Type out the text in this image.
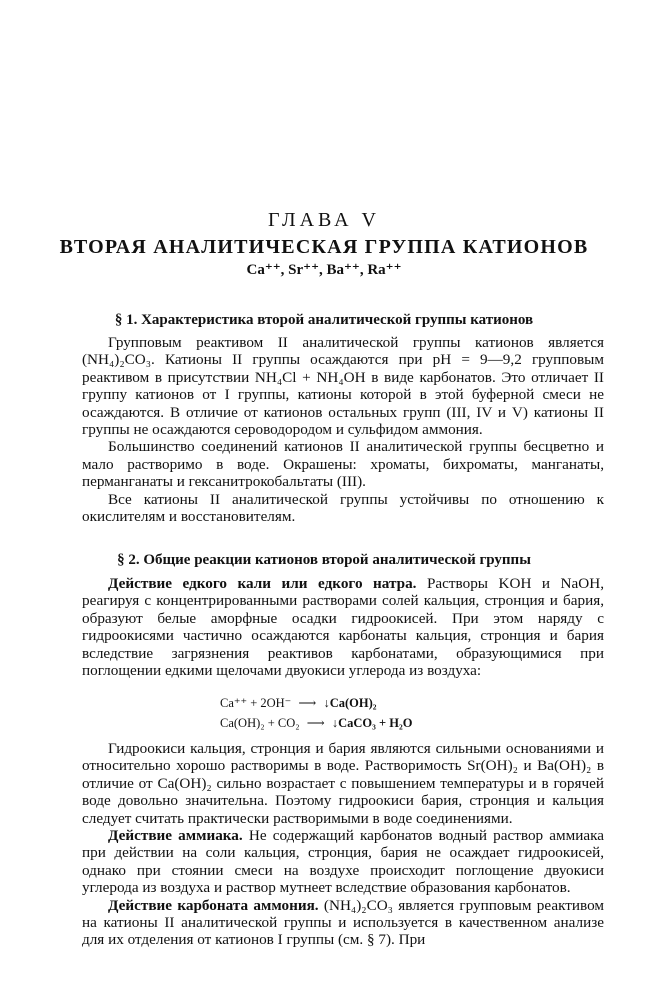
ГЛАВА V
ВТОРАЯ АНАЛИТИЧЕСКАЯ ГРУППА КАТИОНОВ
Ca⁺⁺, Sr⁺⁺, Ba⁺⁺, Ra⁺⁺
§ 1. Характеристика второй аналитической группы катионов

Групповым реактивом II аналитической группы катионов является (NH₄)₂CO₃. Катионы II группы осаждаются при pH = 9—9,2 групповым реактивом в присутствии NH₄Cl + NH₄OH в виде карбонатов. Это отличает II группу катионов от I группы, катионы которой в этой буферной смеси не осаждаются. В отличие от катионов остальных групп (III, IV и V) катионы II группы не осаждаются сероводородом и сульфидом аммония.

Большинство соединений катионов II аналитической группы бесцветно и мало растворимо в воде. Окрашены: хроматы, бихроматы, манганаты, перманганаты и гексанитрокобальтаты (III).

Все катионы II аналитической группы устойчивы по отношению к окислителям и восстановителям.

§ 2. Общие реакции катионов второй аналитической группы

Действие едкого кали или едкого натра. Растворы KOH и NaOH, реагируя с концентрированными растворами солей кальция, стронция и бария, образуют белые аморфные осадки гидроокисей. При этом наряду с гидроокисями частично осаждаются карбонаты кальция, стронция и бария вследствие загрязнения реактивов карбонатами, образующимися при поглощении едкими щелочами двуокиси углерода из воздуха:

Ca⁺⁺ + 2OH⁻ ⟶ ↓Ca(OH)₂
Ca(OH)₂ + CO₂ ⟶ ↓CaCO₃ + H₂O

Гидроокиси кальция, стронция и бария являются сильными основаниями и относительно хорошо растворимы в воде. Растворимость Sr(OH)₂ и Ba(OH)₂ в отличие от Ca(OH)₂ сильно возрастает с повышением температуры и в горячей воде довольно значительна. Поэтому гидроокиси бария, стронция и кальция следует считать практически растворимыми в воде соединениями.

Действие аммиака. Не содержащий карбонатов водный раствор аммиака при действии на соли кальция, стронция, бария не осаждает гидроокисей, однако при стоянии смеси на воздухе происходит поглощение двуокиси углерода из воздуха и раствор мутнеет вследствие образования карбонатов.

Действие карбоната аммония. (NH₄)₂CO₃ является групповым реактивом на катионы II аналитической группы и используется в качественном анализе для их отделения от катионов I группы (см. § 7). При
